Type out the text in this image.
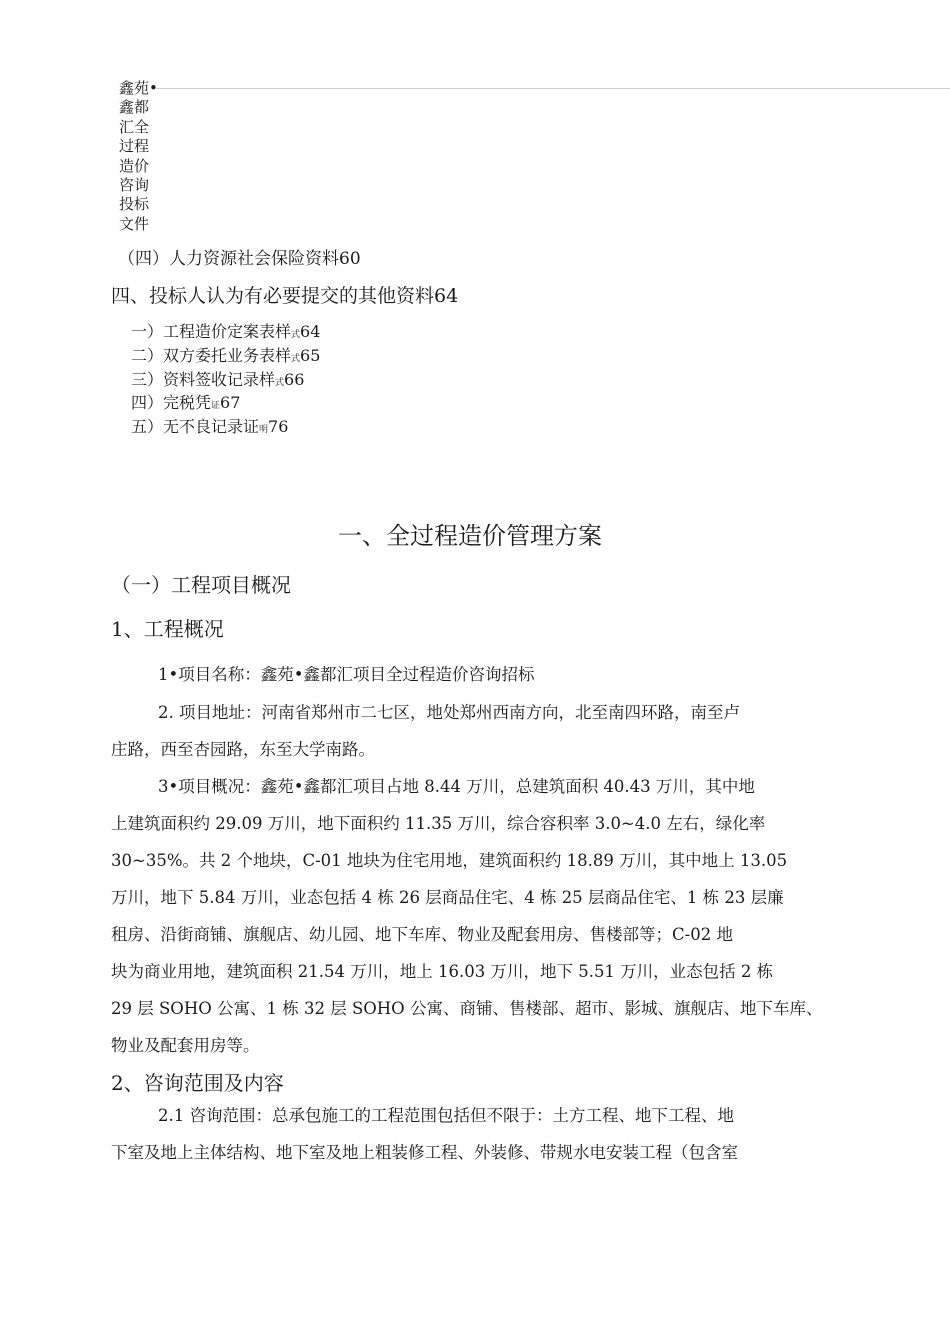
鑫苑•
鑫都
汇全
过程
造价
咨询
投标
文件
（四）人力资源社会保险资料60
四、投标人认为有必要提交的其他资料64
一）工程造价定案表样式64
二）双方委托业务表样式65
三）资料签收记录样式66
四）完税凭证67
五）无不良记录证明76
一、全过程造价管理方案
（一）工程项目概况
1、工程概况
1•项目名称：鑫苑•鑫都汇项目全过程造价咨询招标
2. 项目地址：河南省郑州市二七区，地处郑州西南方向，北至南四环路，南至卢
庄路，西至杏园路，东至大学南路。
3•项目概况：鑫苑•鑫都汇项目占地 8.44 万川，总建筑面积 40.43 万川，其中地
上建筑面积约 29.09 万川，地下面积约 11.35 万川，综合容积率 3.0~4.0 左右，绿化率
30~35%。共 2 个地块，C-01 地块为住宅用地，建筑面积约 18.89 万川，其中地上 13.05
万川，地下 5.84 万川，业态包括 4 栋 26 层商品住宅、4 栋 25 层商品住宅、1 栋 23 层廉
租房、沿街商铺、旗舰店、幼儿园、地下车库、物业及配套用房、售楼部等；C-02 地
块为商业用地，建筑面积 21.54 万川，地上 16.03 万川，地下 5.51 万川，业态包括 2 栋
29 层 SOHO 公寓、1 栋 32 层 SOHO 公寓、商铺、售楼部、超市、影城、旗舰店、地下车库、
物业及配套用房等。
2、咨询范围及内容
2.1 咨询范围：总承包施工的工程范围包括但不限于：土方工程、地下工程、地
下室及地上主体结构、地下室及地上粗装修工程、外装修、带规水电安装工程（包含室
